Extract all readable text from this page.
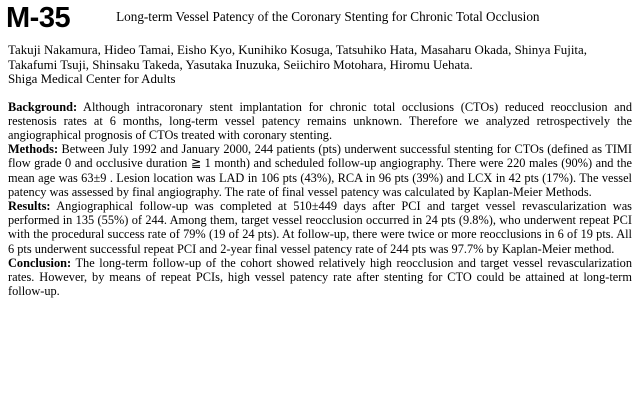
M-35	Long-term Vessel Patency of the Coronary Stenting for Chronic Total Occlusion
Takuji Nakamura, Hideo Tamai, Eisho Kyo, Kunihiko Kosuga, Tatsuhiko Hata, Masaharu Okada, Shinya Fujita, Takafumi Tsuji, Shinsaku Takeda, Yasutaka Inuzuka, Seiichiro Motohara, Hiromu Uehata.
Shiga Medical Center for Adults
Background: Although intracoronary stent implantation for chronic total occlusions (CTOs) reduced reocclusion and restenosis rates at 6 months, long-term vessel patency remains unknown. Therefore we analyzed retrospectively the angiographical prognosis of CTOs treated with coronary stenting.
Methods: Between July 1992 and January 2000, 244 patients (pts) underwent successful stenting for CTOs (defined as TIMI flow grade 0 and occlusive duration ≧ 1 month) and scheduled follow-up angiography. There were 220 males (90%) and the mean age was 63±9 . Lesion location was LAD in 106 pts (43%), RCA in 96 pts (39%) and LCX in 42 pts (17%). The vessel patency was assessed by final angiography. The rate of final vessel patency was calculated by Kaplan-Meier Methods.
Results: Angiographical follow-up was completed at 510±449 days after PCI and target vessel revascularization was performed in 135 (55%) of 244. Among them, target vessel reocclusion occurred in 24 pts (9.8%), who underwent repeat PCI with the procedural success rate of 79% (19 of 24 pts). At follow-up, there were twice or more reocclusions in 6 of 19 pts. All 6 pts underwent successful repeat PCI and 2-year final vessel patency rate of 244 pts was 97.7% by Kaplan-Meier method.
Conclusion: The long-term follow-up of the cohort showed relatively high reocclusion and target vessel revascularization rates. However, by means of repeat PCIs, high vessel patency rate after stenting for CTO could be attained at long-term follow-up.
